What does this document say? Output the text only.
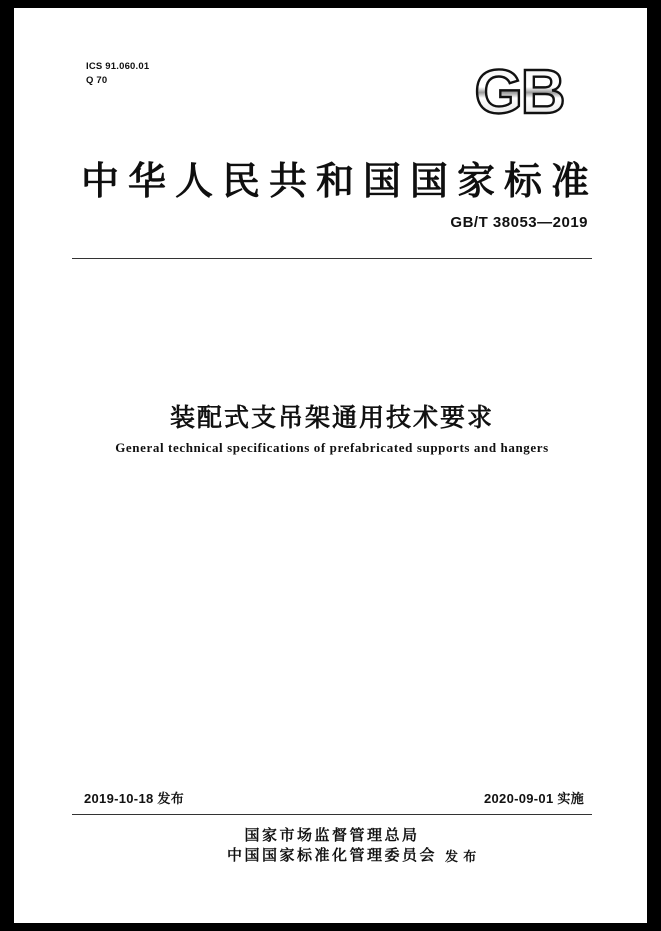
ICS 91.060.01
Q 70	GB
中华人民共和国国家标准
GB/T 38053—2019
装配式支吊架通用技术要求
General technical specifications of prefabricated supports and hangers
2019-10-18 发布	2020-09-01 实施
国家市场监督管理总局
中国国家标准化管理委员会 发 布
